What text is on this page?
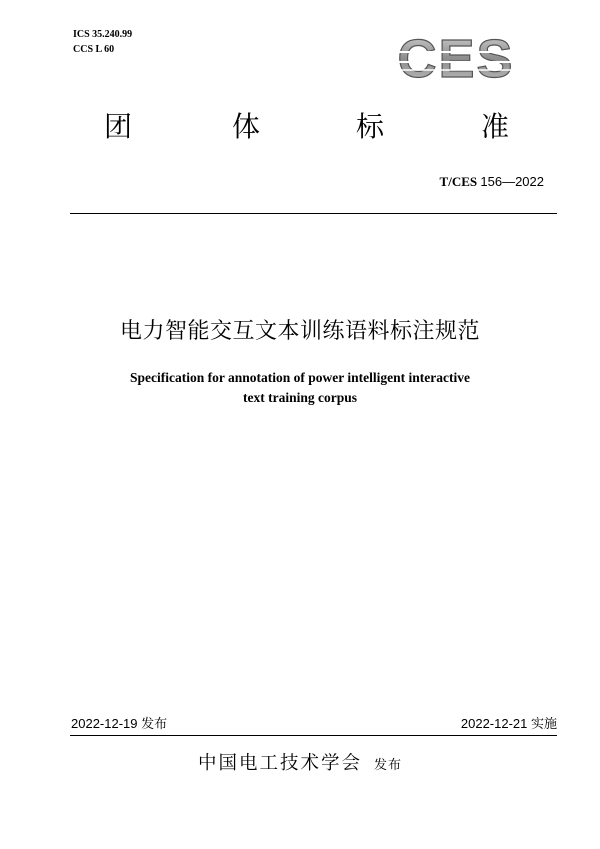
ICS 35.240.99
CCS L 60	CES
团	体	标	准
T/CES 156—2022
电力智能交互文本训练语料标注规范
Specification for annotation of power intelligent interactive
text training corpus
2022-12-19 发布	2022-12-21 实施
中国电工技术学会 发布
